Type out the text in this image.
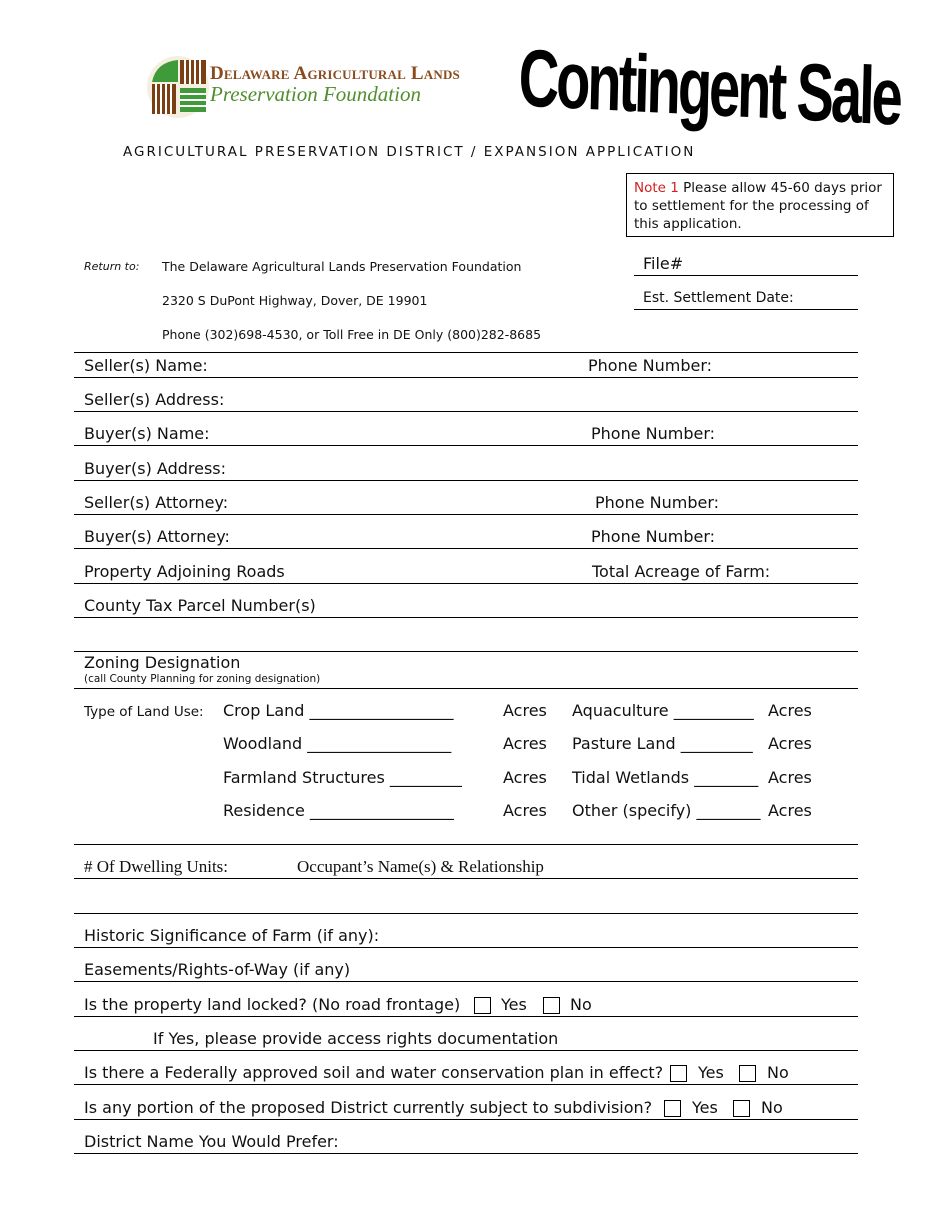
Delaware Agricultural Lands
Preservation Foundation Contingent Sale
AGRICULTURAL PRESERVATION DISTRICT / EXPANSION APPLICATION
Note 1 Please allow 45-60 days prior to settlement for the processing of this application.
Return to: The Delaware Agricultural Lands Preservation Foundation
2320 S DuPont Highway, Dover, DE 19901
Phone (302)698-4530, or Toll Free in DE Only (800)282-8685
File#
Est. Settlement Date:
Seller(s) Name:	Phone Number:
Seller(s) Address:
Buyer(s) Name:	Phone Number:
Buyer(s) Address:
Seller(s) Attorney:	Phone Number:
Buyer(s) Attorney:	Phone Number:
Property Adjoining Roads	Total Acreage of Farm:
County Tax Parcel Number(s)
Zoning Designation
(call County Planning for zoning designation)
Type of Land Use: Crop Land __________________	Acres Aquaculture __________ Acres
Woodland __________________	Acres Pasture Land _________ Acres
Farmland Structures _________	Acres Tidal Wetlands ________ Acres
Residence __________________	Acres Other (specify) ________ Acres
# Of Dwelling Units:	Occupant’s Name(s) & Relationship
Historic Significance of Farm (if any):
Easements/Rights-of-Way (if any)
Is the property land locked? (No road frontage)	Yes	No
If Yes, please provide access rights documentation
Is there a Federally approved soil and water conservation plan in effect? Yes	No
Is any portion of the proposed District currently subject to subdivision? Yes	No
District Name You Would Prefer:
